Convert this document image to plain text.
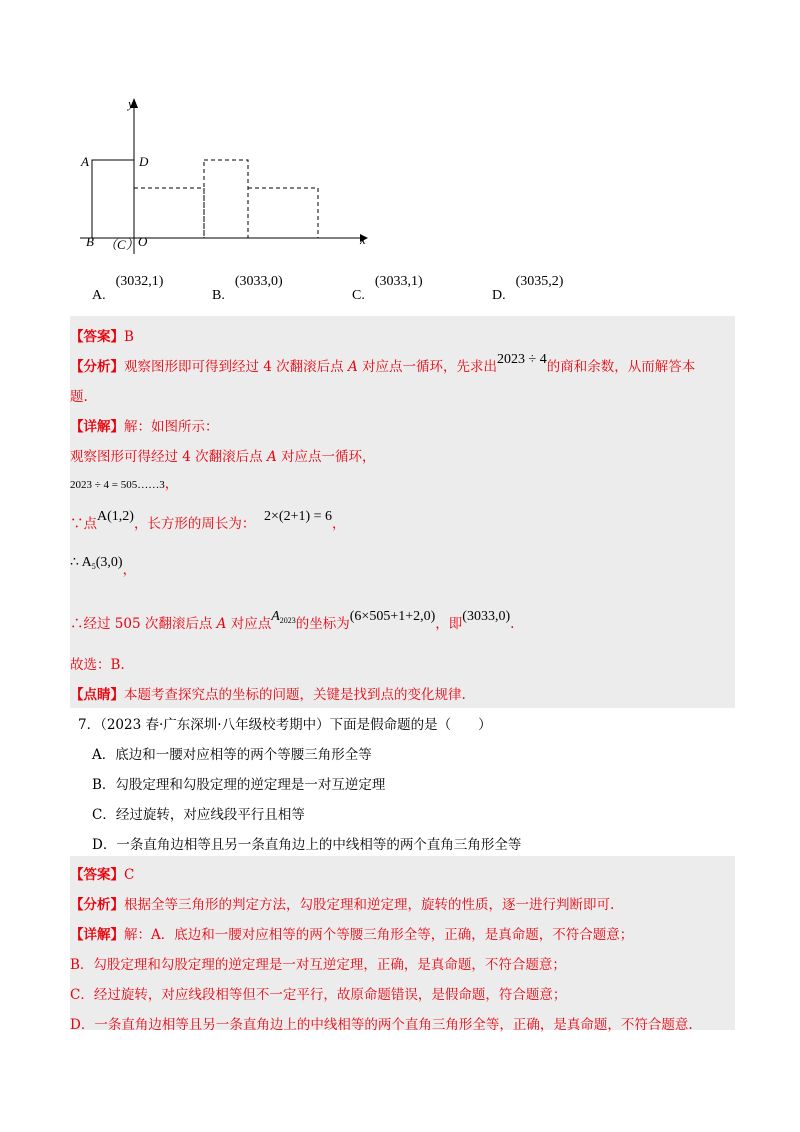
y
x
A	D
B （C） O
A.(3032,1)
B.(3033,0)
C.(3033,1)
D.(3035,2)
【答案】B
【分析】观察图形即可得到经过 4 次翻滚后点 A 对应点一循环，先求出2023 ÷ 4的商和余数，从而解答本
题.
【详解】解：如图所示：
观察图形可得经过 4 次翻滚后点 A 对应点一循环，
2023 ÷ 4 = 505……3，
∵点A(1,2)，长方形的周长为： 2×(2+1) = 6，
∴ $A_5(3,0)$，
∴经过 505 次翻滚后点 A 对应点$A_{2023}$的坐标为(6×505+1+2,0)，即(3033,0).
故选：B.
【点睛】本题考查探究点的坐标的问题，关键是找到点的变化规律.
7．（2023 春·广东深圳·八年级校考期中）下面是假命题的是（　　）
A．底边和一腰对应相等的两个等腰三角形全等
B．勾股定理和勾股定理的逆定理是一对互逆定理
C．经过旋转，对应线段平行且相等
D．一条直角边相等且另一条直角边上的中线相等的两个直角三角形全等
【答案】C
【分析】根据全等三角形的判定方法，勾股定理和逆定理，旋转的性质，逐一进行判断即可.
【详解】解：A．底边和一腰对应相等的两个等腰三角形全等，正确，是真命题，不符合题意；
B．勾股定理和勾股定理的逆定理是一对互逆定理，正确，是真命题，不符合题意；
C．经过旋转，对应线段相等但不一定平行，故原命题错误，是假命题，符合题意；
D．一条直角边相等且另一条直角边上的中线相等的两个直角三角形全等，正确，是真命题，不符合题意.
